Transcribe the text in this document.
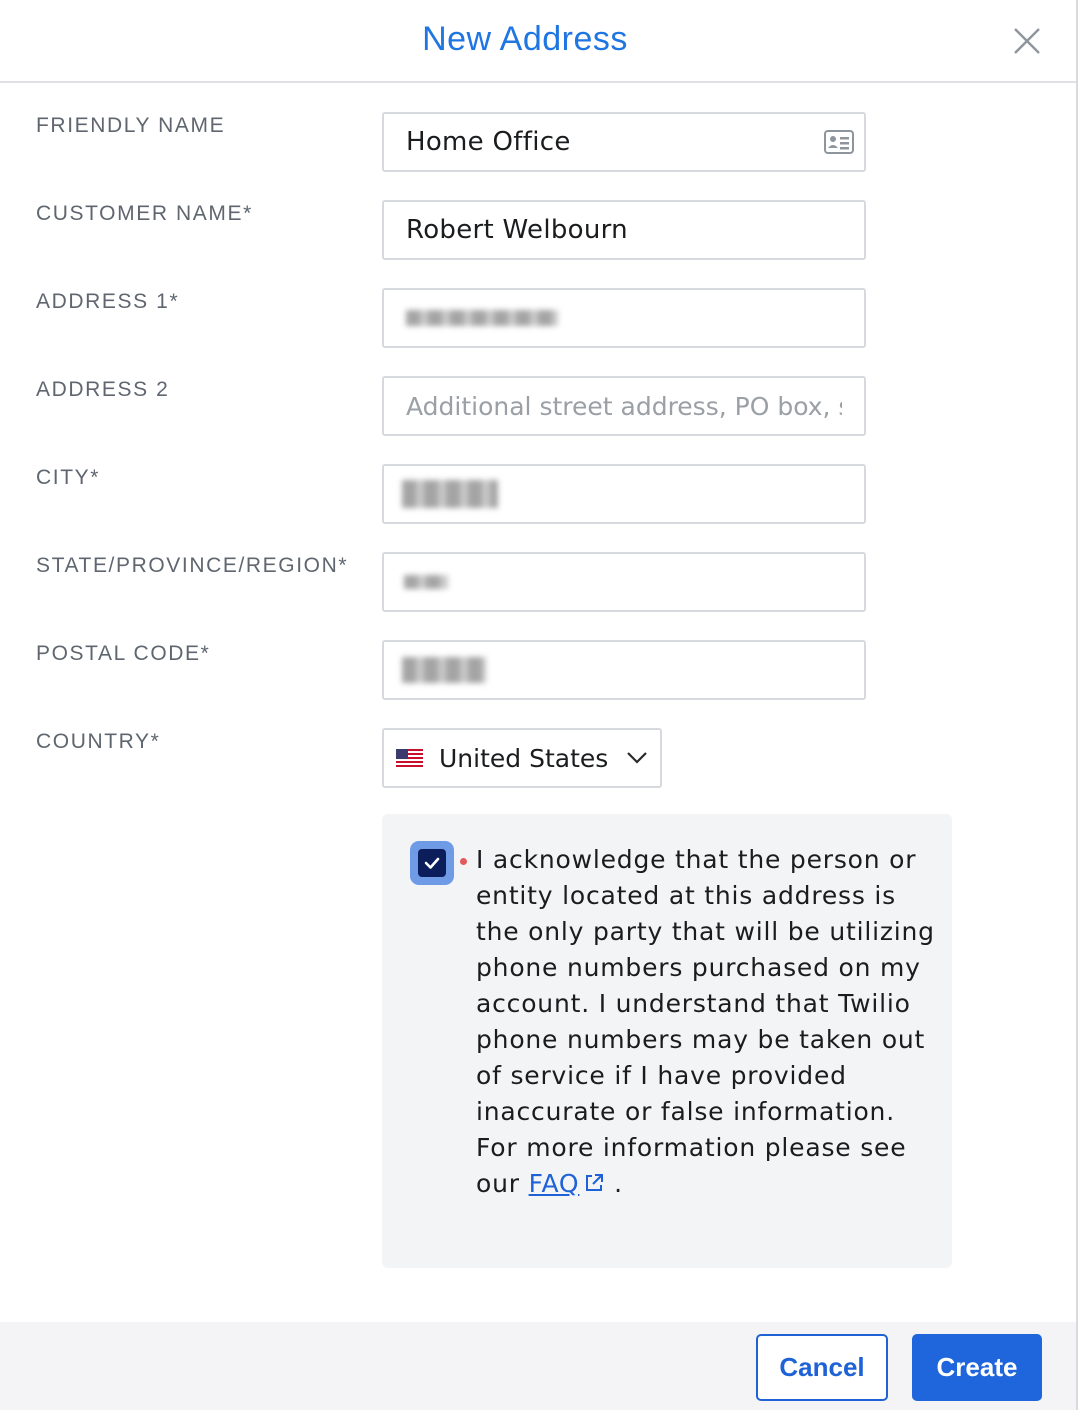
New Address
FRIENDLY NAME
Home Office
CUSTOMER NAME*
Robert Welbourn
ADDRESS 1*
ADDRESS 2
Additional street address, PO box, s
CITY*
STATE/PROVINCE/REGION*
POSTAL CODE*
COUNTRY*
United States
I acknowledge that the person or entity located at this address is the only party that will be utilizing phone numbers purchased on my account. I understand that Twilio phone numbers may be taken out of service if I have provided inaccurate or false information. For more information please see our FAQ .
Cancel	Create
